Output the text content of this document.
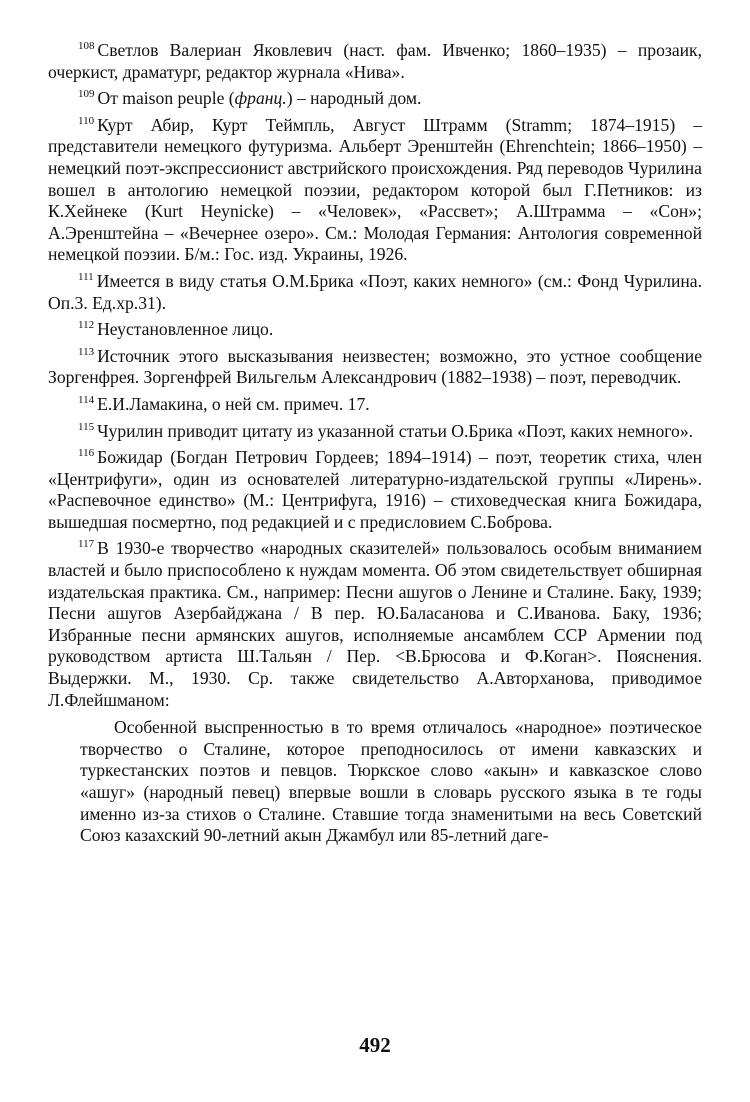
$^{108}$ Светлов Валериан Яковлевич (наст. фам. Ивченко; 1860–1935) – прозаик, очеркист, драматург, редактор журнала «Нива».

$^{109}$ От maison peuple (франц.) – народный дом.

$^{110}$ Курт Абир, Курт Теймпль, Август Штрамм (Stramm; 1874–1915) – представители немецкого футуризма. Альберт Эренштейн (Ehrenchtein; 1866–1950) – немецкий поэт-экспрессионист австрийского происхождения. Ряд переводов Чурилина вошел в антологию немецкой поэзии, редактором которой был Г.Петников: из К.Хейнеке (Kurt Heynicke) – «Человек», «Рассвет»; А.Штрамма – «Сон»; А.Эренштейна – «Вечернее озеро». См.: Молодая Германия: Антология современной немецкой поэзии. Б/м.: Гос. изд. Украины, 1926.

$^{111}$ Имеется в виду статья О.М.Брика «Поэт, каких немного» (см.: Фонд Чурилина. Оп.3. Ед.хр.31).

$^{112}$ Неустановленное лицо.

$^{113}$ Источник этого высказывания неизвестен; возможно, это устное сообщение Зоргенфрея. Зоргенфрей Вильгельм Александрович (1882–1938) – поэт, переводчик.

$^{114}$ Е.И.Ламакина, о ней см. примеч. 17.

$^{115}$ Чурилин приводит цитату из указанной статьи О.Брика «Поэт, каких немного».

$^{116}$ Божидар (Богдан Петрович Гордеев; 1894–1914) – поэт, теоретик стиха, член «Центрифуги», один из основателей литературно-издательской группы «Лирень». «Распевочное единство» (М.: Центрифуга, 1916) – стиховедческая книга Божидара, вышедшая посмертно, под редакцией и с предисловием С.Боброва.

$^{117}$ В 1930-е творчество «народных сказителей» пользовалось особым вниманием властей и было приспособлено к нуждам момента. Об этом свидетельствует обширная издательская практика. См., например: Песни ашугов о Ленине и Сталине. Баку, 1939; Песни ашугов Азербайджана / В пер. Ю.Баласанова и С.Иванова. Баку, 1936; Избранные песни армянских ашугов, исполняемые ансамблем ССР Армении под руководством артиста Ш.Тальян / Пер. <В.Брюсова и Ф.Коган>. Пояснения. Выдержки. М., 1930. Ср. также свидетельство А.Авторханова, приводимое Л.Флейшманом:

Особенной выспренностью в то время отличалось «народное» поэтическое творчество о Сталине, которое преподносилось от имени кавказских и туркестанских поэтов и певцов. Тюркское слово «акын» и кавказское слово «ашуг» (народный певец) впервые вошли в словарь русского языка в те годы именно из-за стихов о Сталине. Ставшие тогда знаменитыми на весь Советский Союз казахский 90-летний акын Джамбул или 85-летний даге-

492
